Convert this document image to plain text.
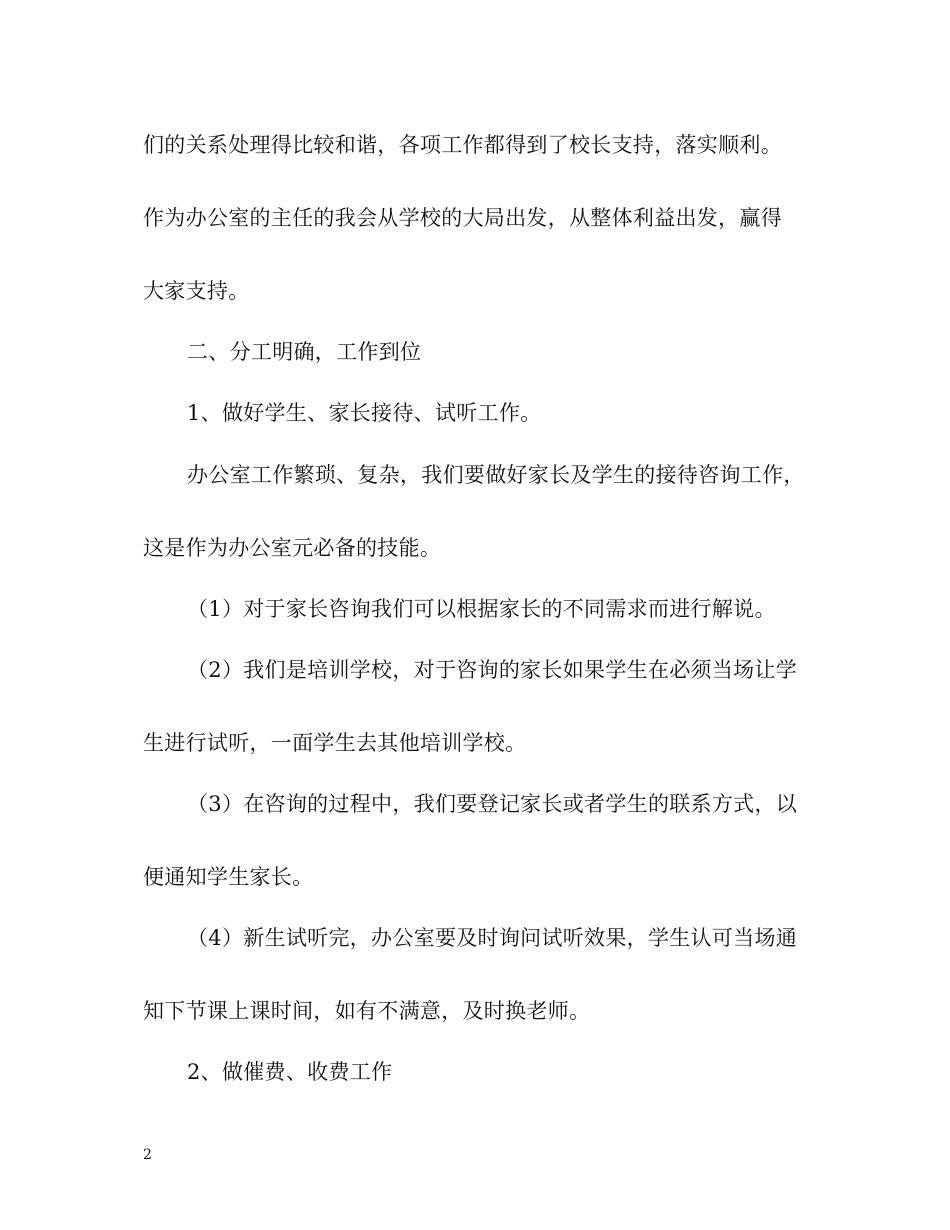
们的关系处理得比较和谐，各项工作都得到了校长支持，落实顺利。
作为办公室的主任的我会从学校的大局出发，从整体利益出发，赢得
大家支持。
二、分工明确，工作到位
1、做好学生、家长接待、试听工作。
办公室工作繁琐、复杂，我们要做好家长及学生的接待咨询工作，
这是作为办公室元必备的技能。
（1）对于家长咨询我们可以根据家长的不同需求而进行解说。
（2）我们是培训学校，对于咨询的家长如果学生在必须当场让学
生进行试听，一面学生去其他培训学校。
（3）在咨询的过程中，我们要登记家长或者学生的联系方式，以
便通知学生家长。
（4）新生试听完，办公室要及时询问试听效果，学生认可当场通
知下节课上课时间，如有不满意，及时换老师。
2、做催费、收费工作
2
